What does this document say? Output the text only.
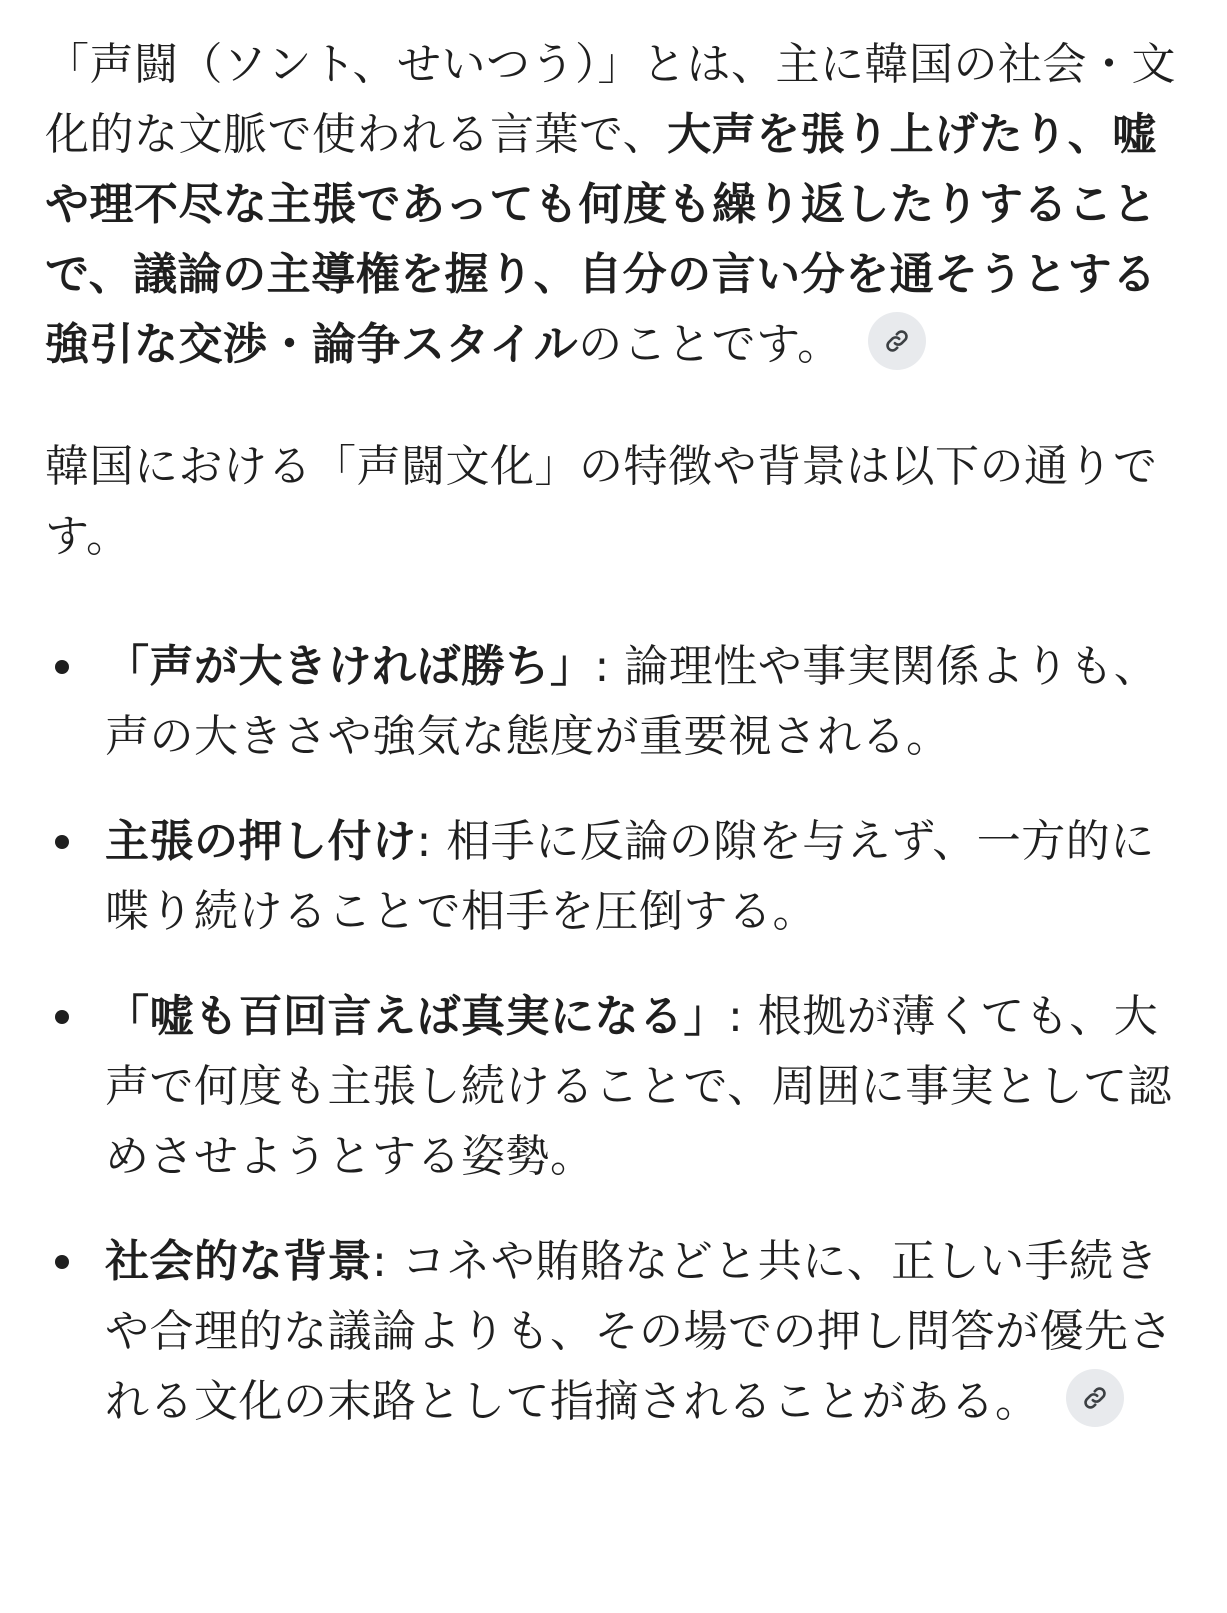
「声闘（ソント、せいつう）」とは、主に韓国の社会・文化的な文脈で使われる言葉で、大声を張り上げたり、嘘や理不尽な主張であっても何度も繰り返したりすることで、議論の主導権を握り、自分の言い分を通そうとする強引な交渉・論争スタイルのことです。

韓国における「声闘文化」の特徴や背景は以下の通りです。

「声が大きければ勝ち」: 論理性や事実関係よりも、声の大きさや強気な態度が重要視される。
主張の押し付け: 相手に反論の隙を与えず、一方的に喋り続けることで相手を圧倒する。
「嘘も百回言えば真実になる」: 根拠が薄くても、大声で何度も主張し続けることで、周囲に事実として認めさせようとする姿勢。
社会的な背景: コネや賄賂などと共に、正しい手続きや合理的な議論よりも、その場での押し問答が優先される文化の末路として指摘されることがある。
